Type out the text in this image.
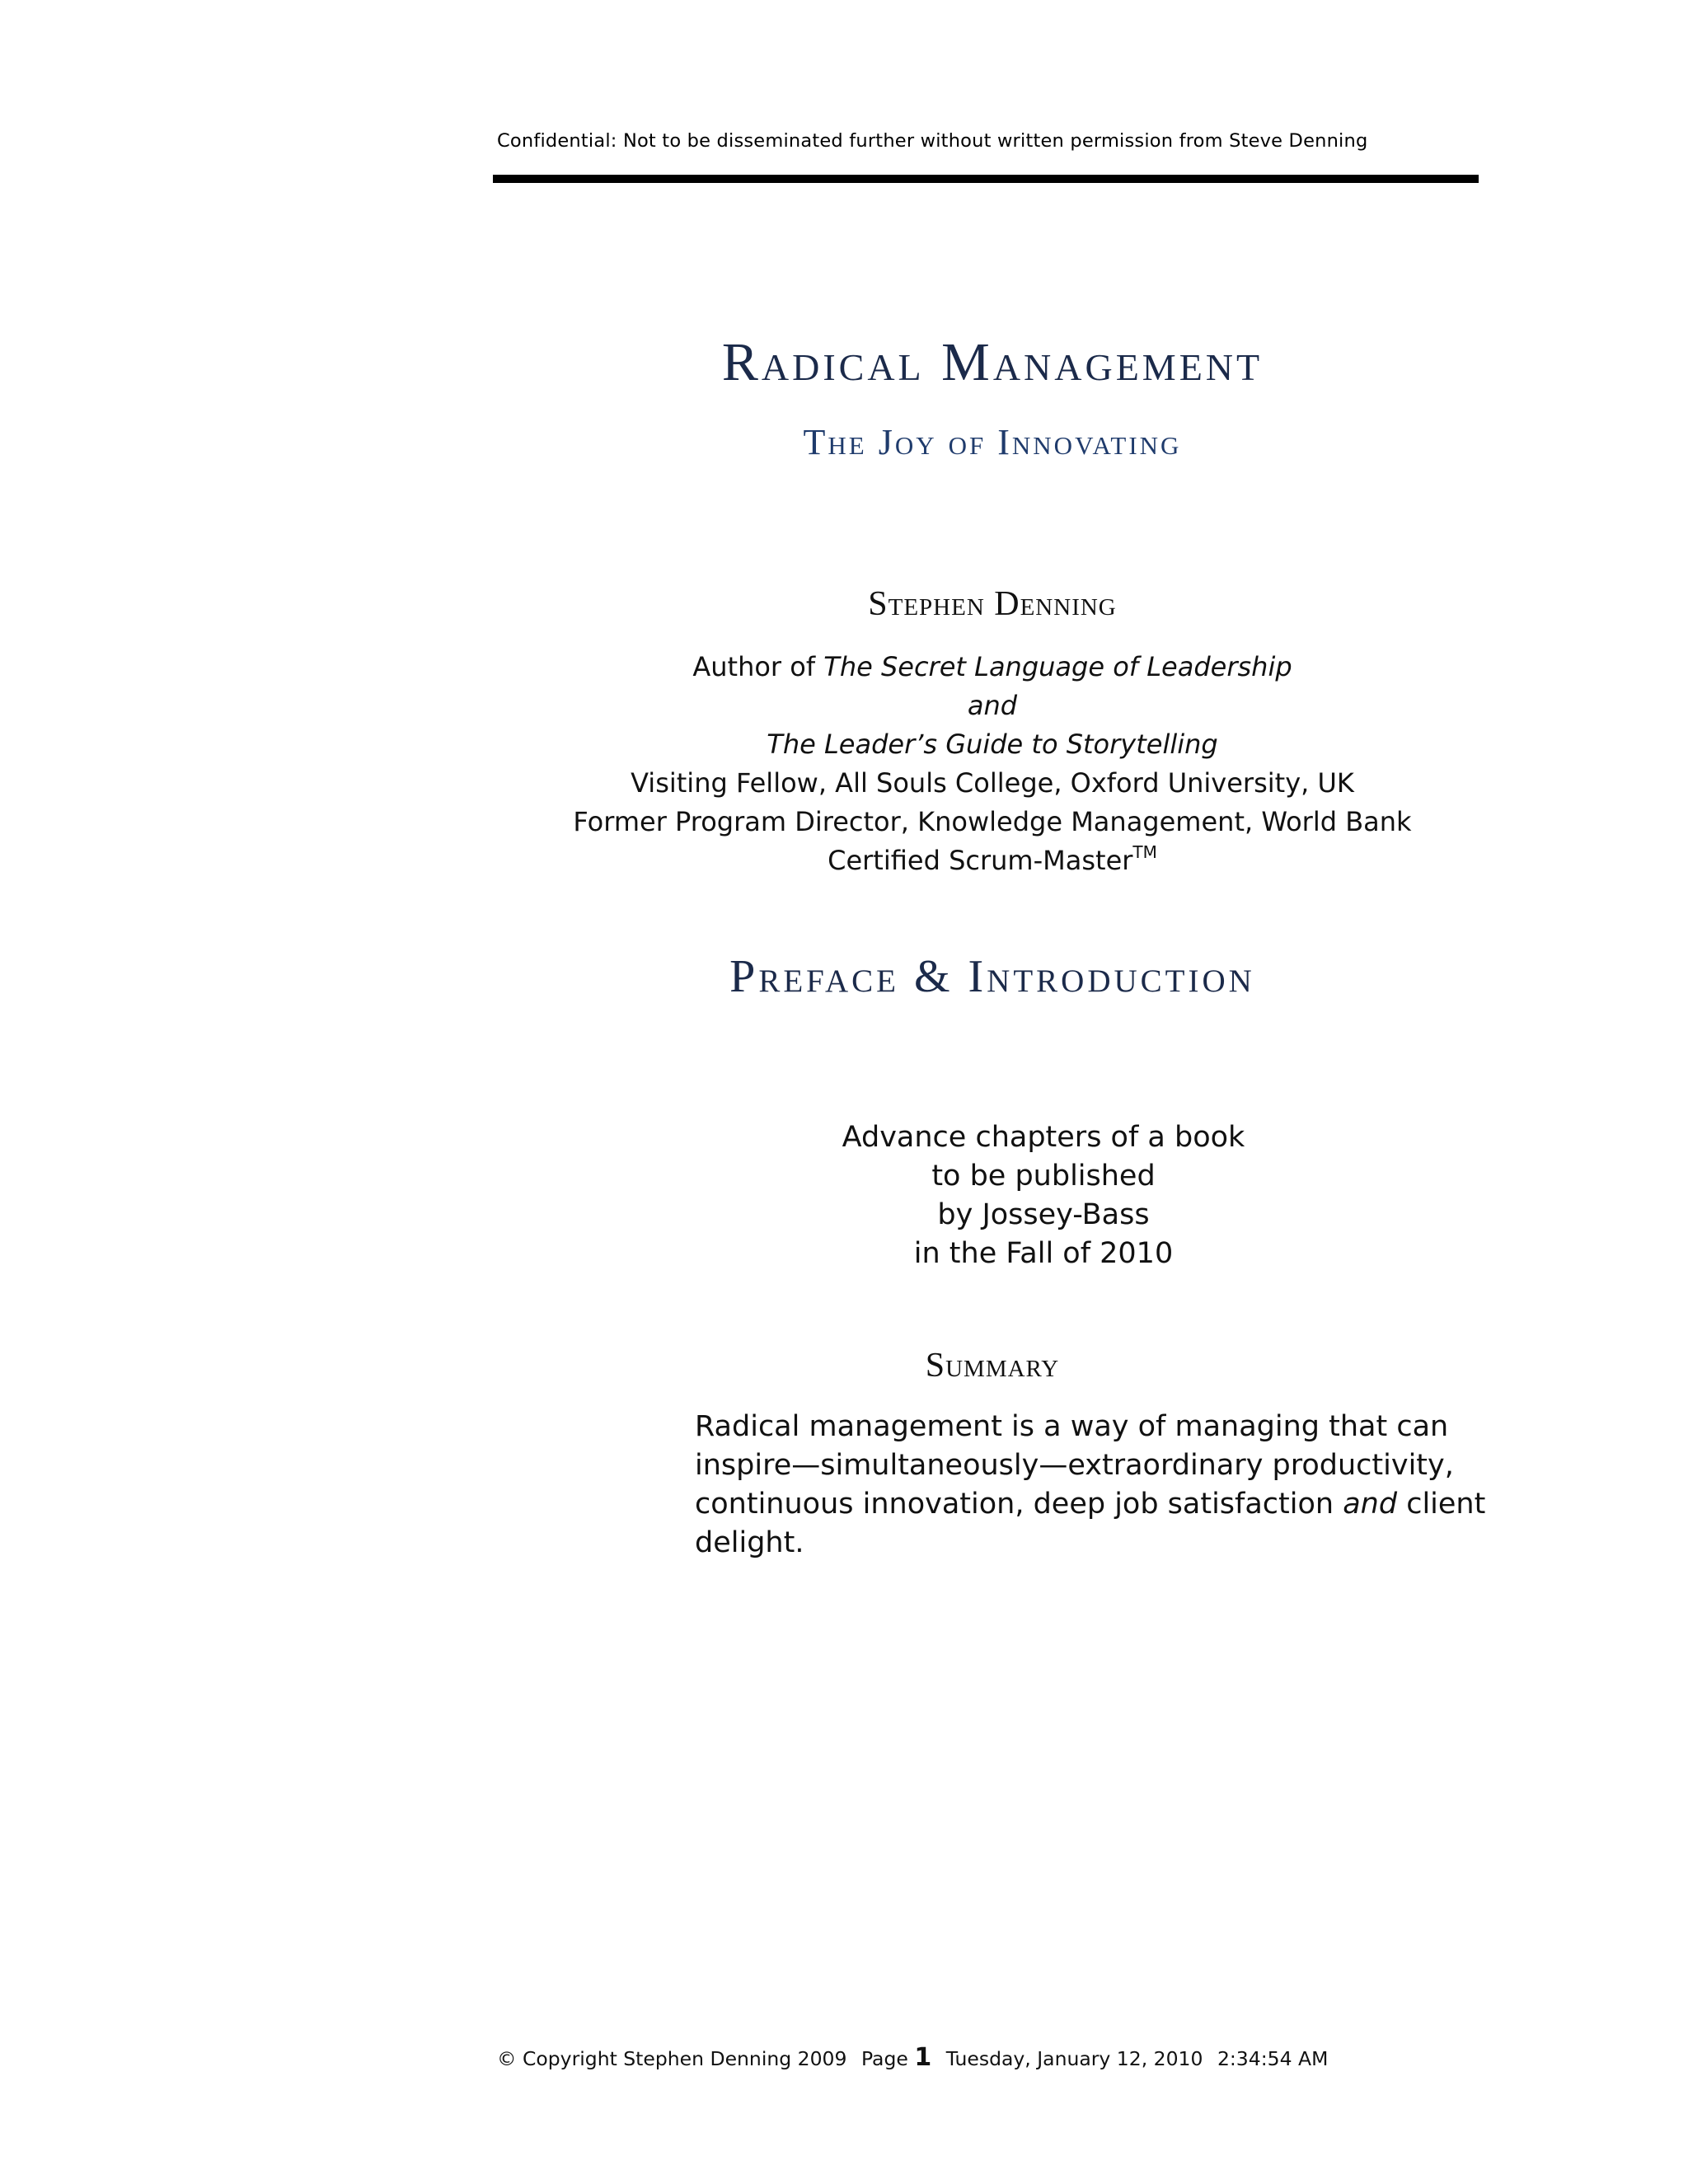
Confidential: Not to be disseminated further without written permission from Steve Denning
Radical Management
The Joy of Innovating
Stephen Denning
Author of The Secret Language of Leadership
and
The Leader’s Guide to Storytelling
Visiting Fellow, All Souls College, Oxford University, UK
Former Program Director, Knowledge Management, World Bank
Certified Scrum-Master™
Preface & Introduction
Advance chapters of a book
to be published
by Jossey-Bass
in the Fall of 2010
Summary
Radical management is a way of managing that can
inspire—simultaneously—extraordinary productivity,
continuous innovation, deep job satisfaction and client
delight.
© Copyright Stephen Denning 2009 Page 1 Tuesday, January 12, 2010 2:34:54 AM
